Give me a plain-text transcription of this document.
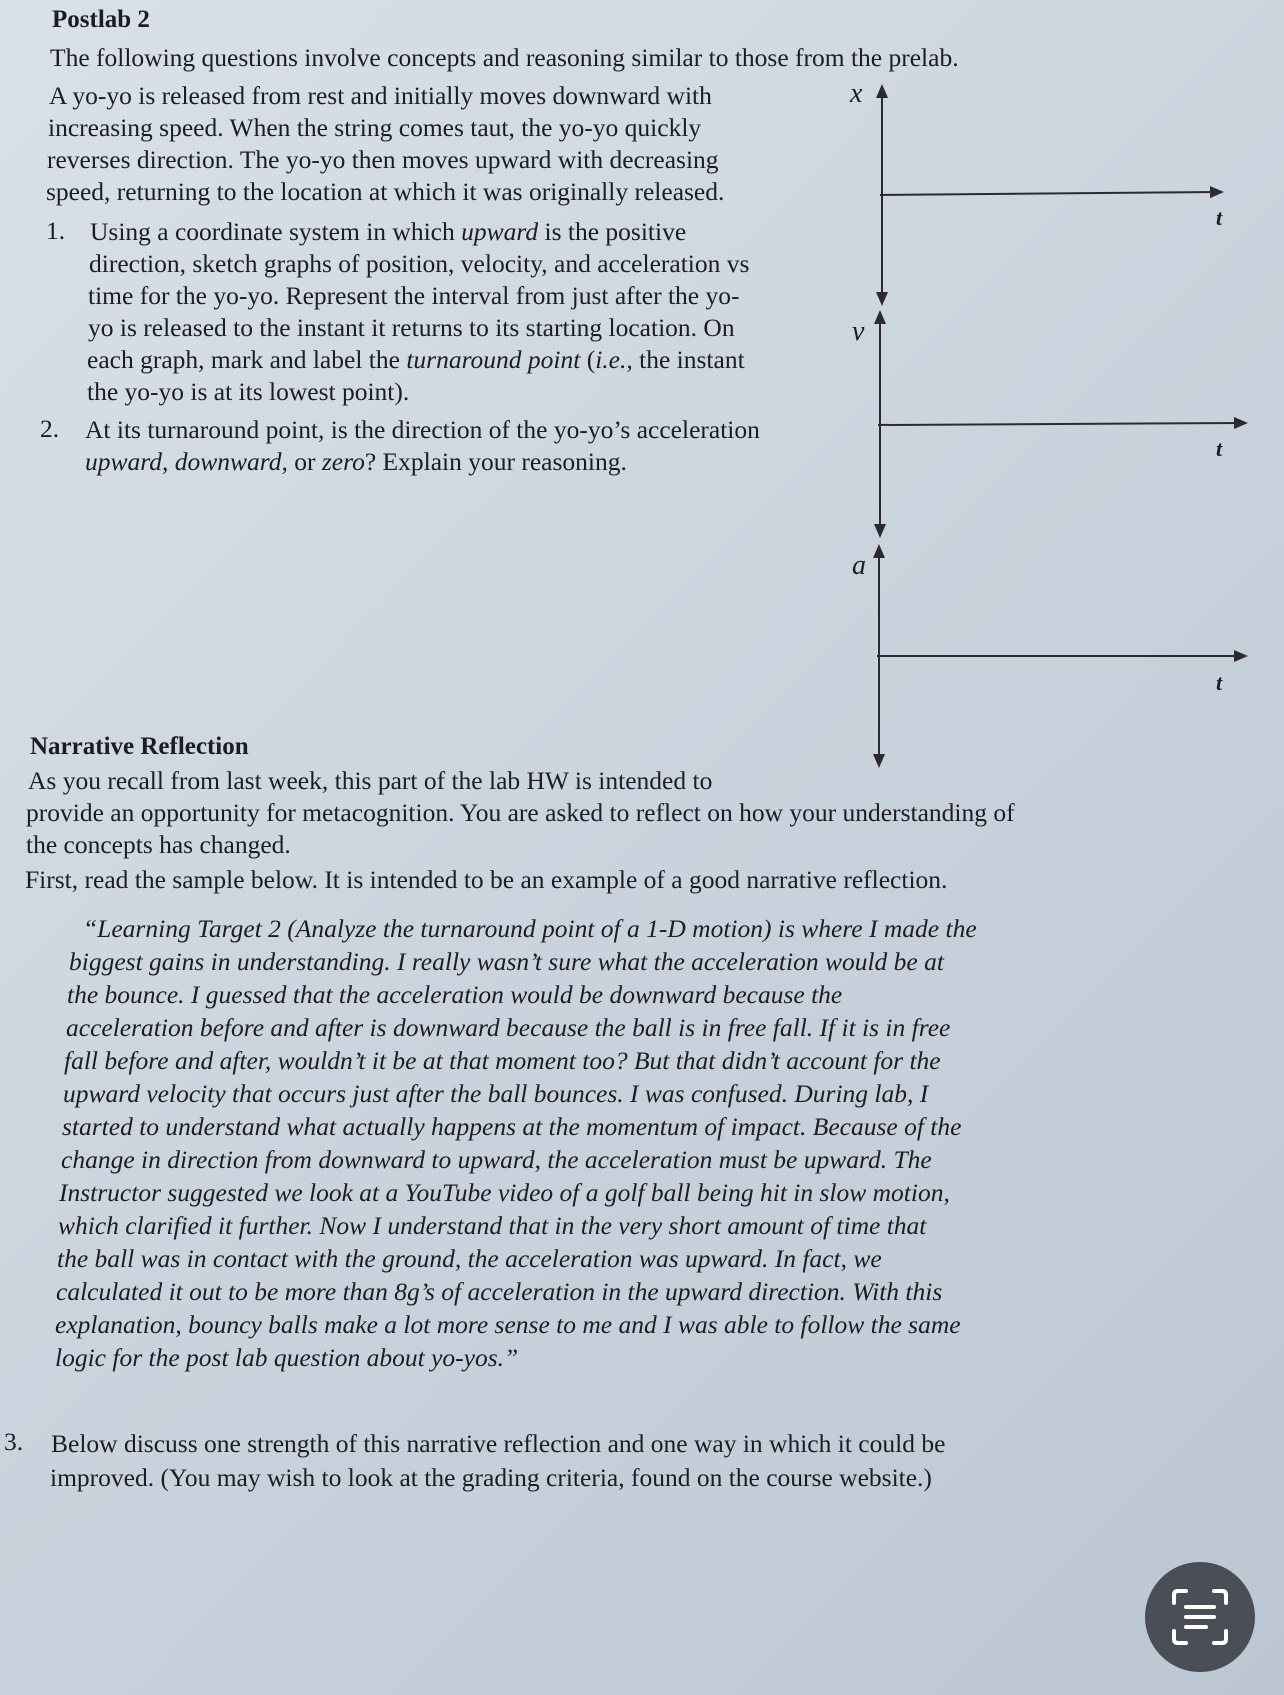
Postlab 2
The following questions involve concepts and reasoning similar to those from the prelab.
A yo-yo is released from rest and initially moves downward with
increasing speed. When the string comes taut, the yo-yo quickly
reverses direction. The yo-yo then moves upward with decreasing
speed, returning to the location at which it was originally released.
1. Using a coordinate system in which upward is the positive
direction, sketch graphs of position, velocity, and acceleration vs
time for the yo-yo. Represent the interval from just after the yo-
yo is released to the instant it returns to its starting location. On
each graph, mark and label the turnaround point (i.e., the instant
the yo-yo is at its lowest point).
2. At its turnaround point, is the direction of the yo-yo’s acceleration
upward, downward, or zero? Explain your reasoning.
x
t
v
t
a
t
Narrative Reflection
As you recall from last week, this part of the lab HW is intended to
provide an opportunity for metacognition. You are asked to reflect on how your understanding of
the concepts has changed.
First, read the sample below. It is intended to be an example of a good narrative reflection.
“Learning Target 2 (Analyze the turnaround point of a 1-D motion) is where I made the
biggest gains in understanding. I really wasn’t sure what the acceleration would be at
the bounce. I guessed that the acceleration would be downward because the
acceleration before and after is downward because the ball is in free fall. If it is in free
fall before and after, wouldn’t it be at that moment too? But that didn’t account for the
upward velocity that occurs just after the ball bounces. I was confused. During lab, I
started to understand what actually happens at the momentum of impact. Because of the
change in direction from downward to upward, the acceleration must be upward. The
Instructor suggested we look at a YouTube video of a golf ball being hit in slow motion,
which clarified it further. Now I understand that in the very short amount of time that
the ball was in contact with the ground, the acceleration was upward. In fact, we
calculated it out to be more than 8g’s of acceleration in the upward direction. With this
explanation, bouncy balls make a lot more sense to me and I was able to follow the same
logic for the post lab question about yo-yos.”
3. Below discuss one strength of this narrative reflection and one way in which it could be
improved. (You may wish to look at the grading criteria, found on the course website.)
